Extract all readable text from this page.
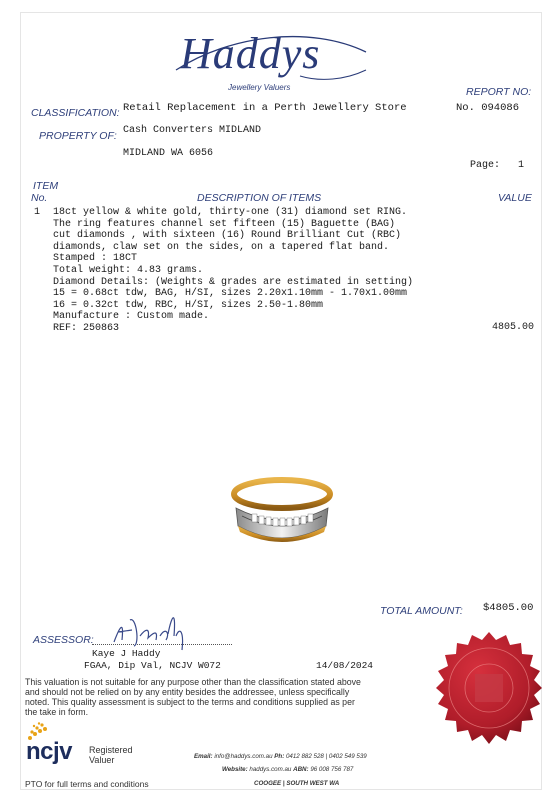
Haddys
Jewellery Valuers	REPORT NO:
No. 094086
CLASSIFICATION: Retail Replacement in a Perth Jewellery Store
PROPERTY OF: Cash Converters MIDLAND
MIDLAND WA 6056
Page: 1
ITEM
No.	DESCRIPTION OF ITEMS	VALUE
1 18ct yellow & white gold, thirty-one (31) diamond set RING.
The ring features channel set fifteen (15) Baguette (BAG)
cut diamonds , with sixteen (16) Round Brilliant Cut (RBC)
diamonds, claw set on the sides, on a tapered flat band.
Stamped : 18CT
Total weight: 4.83 grams.
Diamond Details: (Weights & grades are estimated in setting)
15 = 0.68ct tdw, BAG, H/SI, sizes 2.20x1.10mm - 1.70x1.00mm
16 = 0.32ct tdw, RBC, H/SI, sizes 2.50-1.80mm
Manufacture : Custom made.
REF: 250863	4805.00
TOTAL AMOUNT: $4805.00
ASSESSOR:
Kaye J Haddy
FGAA, Dip Val, NCJV W072	14/08/2024
This valuation is not suitable for any purpose other than the classification stated above
and should not be relied on by any entity besides the addressee, unless specifically
noted. This quality assessment is subject to the terms and conditions supplied as per
the take in form.
ncjv Registered
Valuer
PTO for full terms and conditions
Email: info@haddys.com.au Ph: 0412 882 528 | 0402 549 539
Website: haddys.com.au ABN: 96 008 756 787
COOGEE | SOUTH WEST WA
